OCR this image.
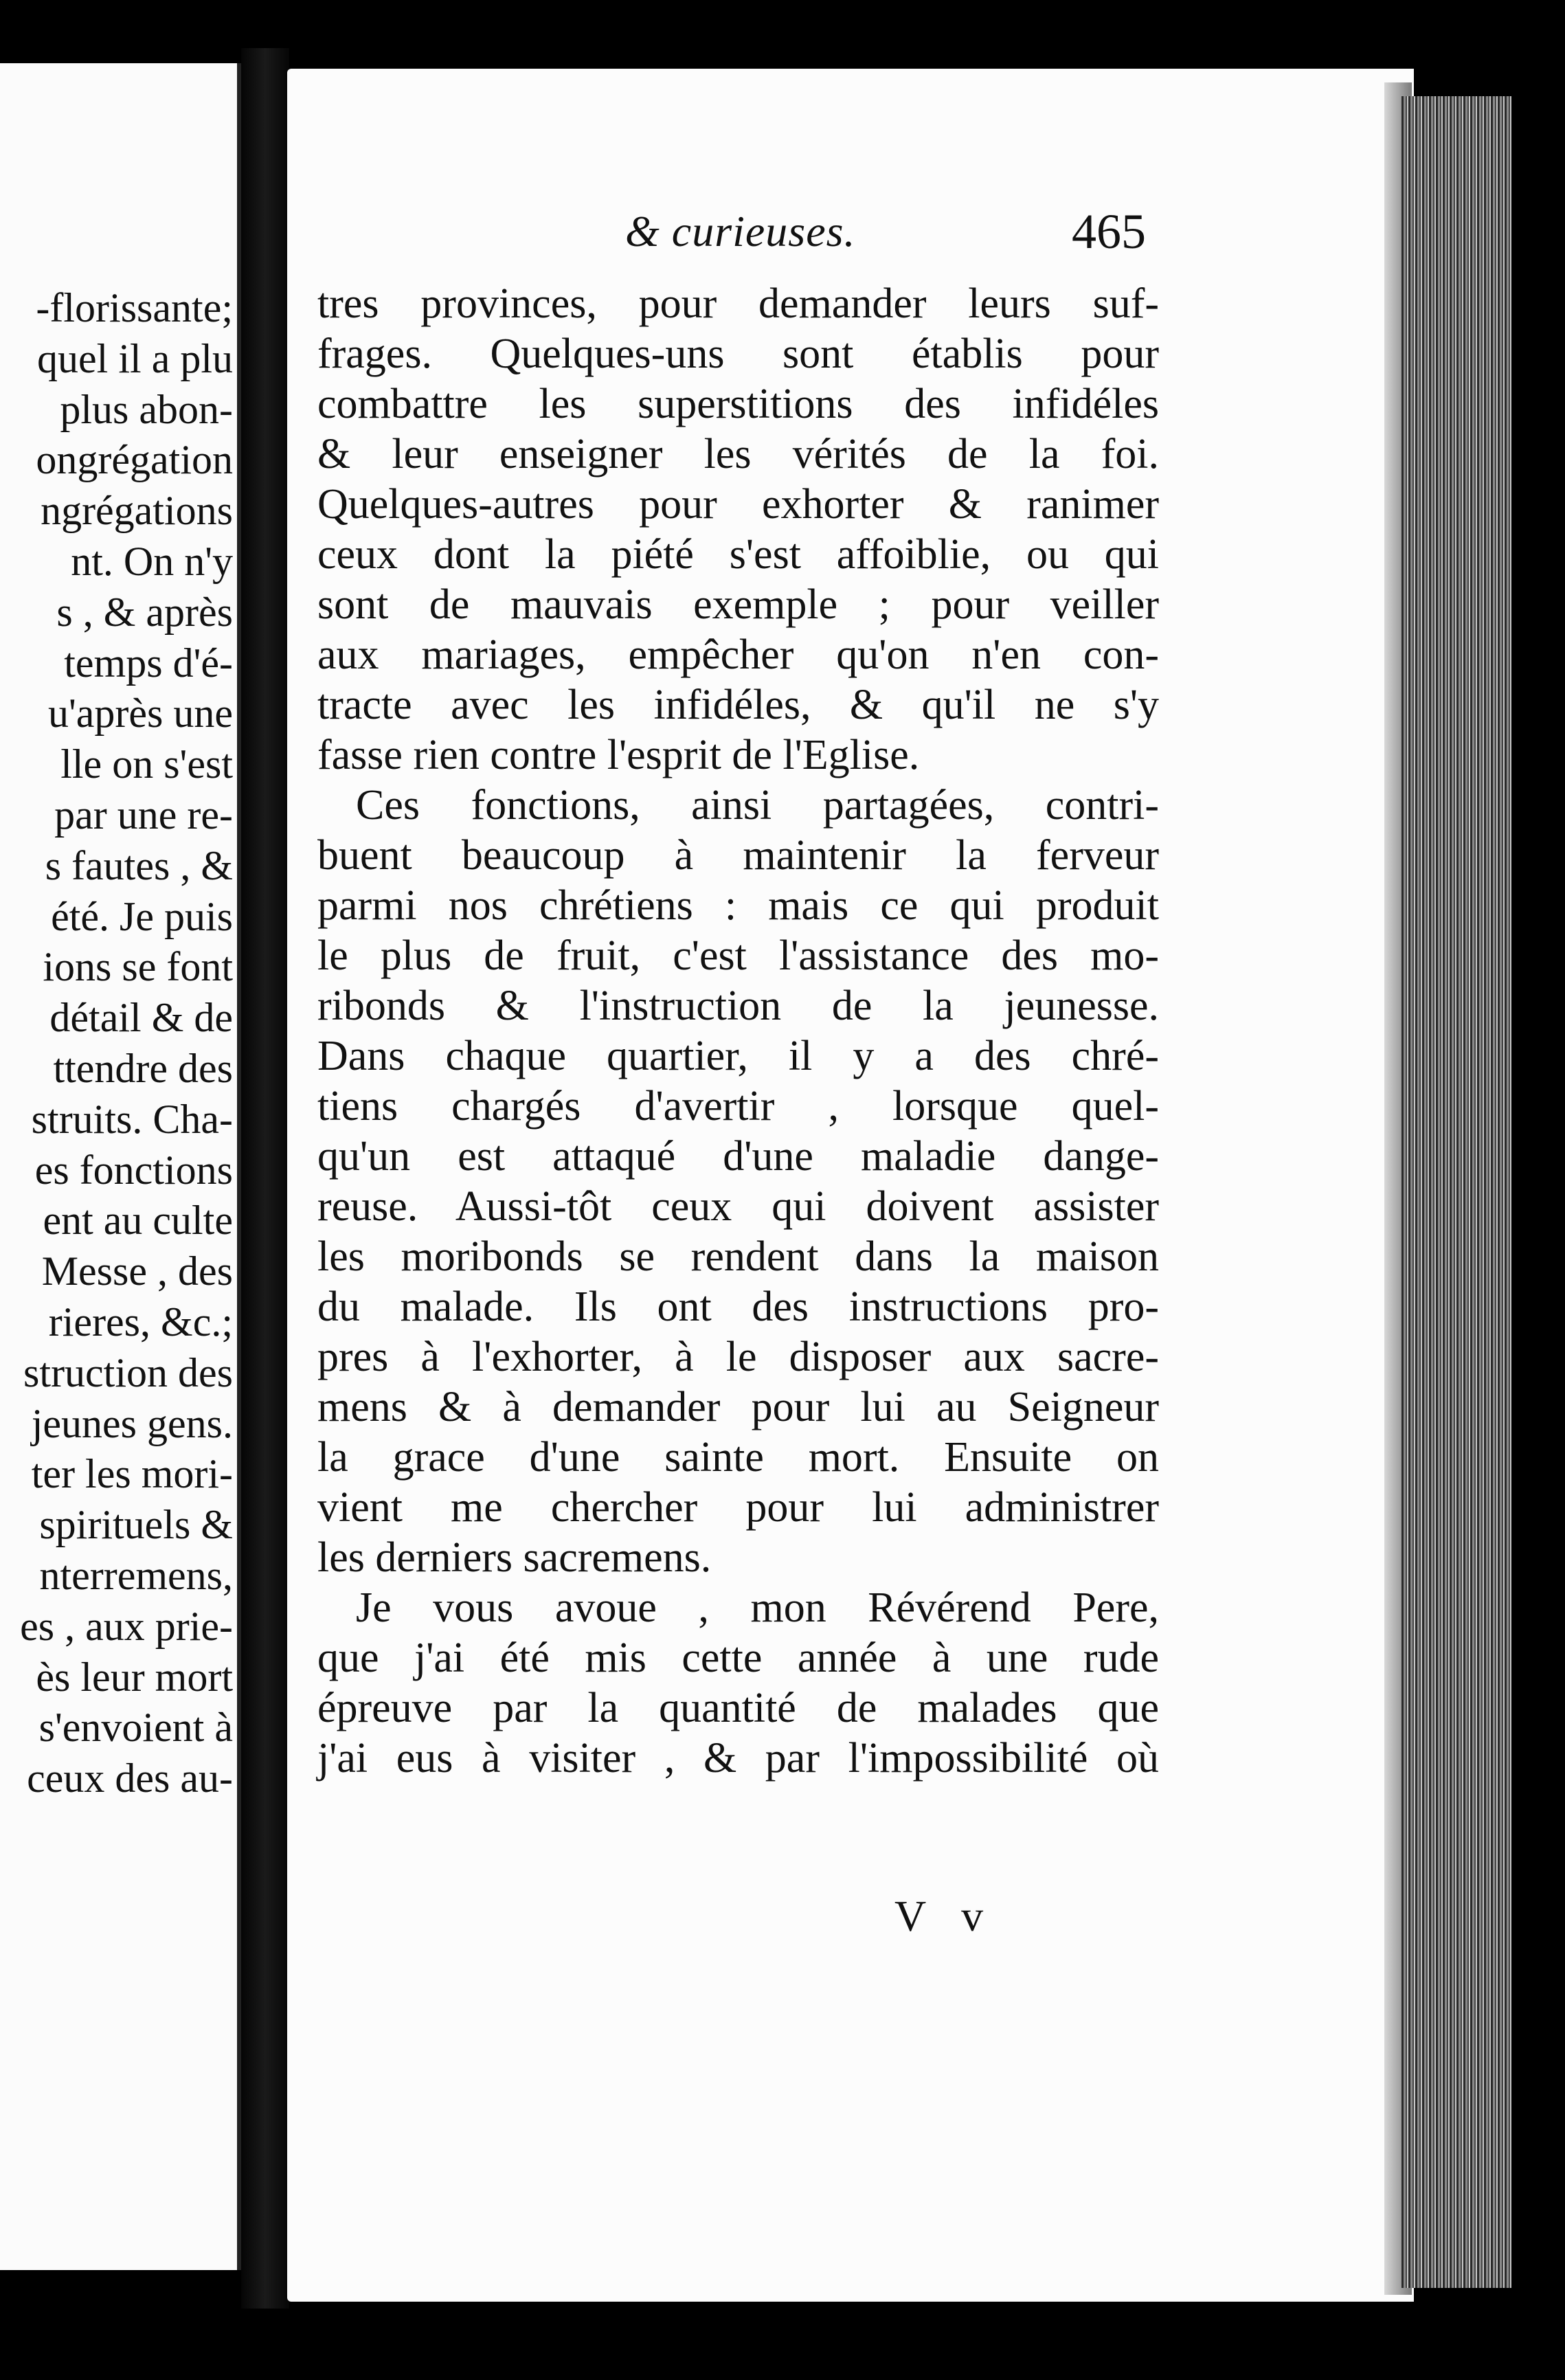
-florissante;
quel il a plu
plus abon-
ongrégation
ngrégations
nt. On n'y
s , & après
temps d'é-
u'après une
lle on s'est
par une re-
s fautes , &
été. Je puis
ions se font
détail & de
ttendre des
struits. Cha-
es fonctions
ent au culte
Messe , des
rieres, &c.;
struction des
jeunes gens.
ter les mori-
spirituels &
nterremens,
es , aux prie-
ès leur mort
s'envoient à
ceux des au-
& curieuses.	465
tres provinces, pour demander leurs suf-
frages. Quelques-uns sont établis pour
combattre les superstitions des infidéles
& leur enseigner les vérités de la foi.
Quelques-autres pour exhorter & ranimer
ceux dont la piété s'est affoiblie, ou qui
sont de mauvais exemple ; pour veiller
aux mariages, empêcher qu'on n'en con-
tracte avec les infidéles, & qu'il ne s'y
fasse rien contre l'esprit de l'Eglise.
Ces fonctions, ainsi partagées, contri-
buent beaucoup à maintenir la ferveur
parmi nos chrétiens : mais ce qui produit
le plus de fruit, c'est l'assistance des mo-
ribonds & l'instruction de la jeunesse.
Dans chaque quartier, il y a des chré-
tiens chargés d'avertir , lorsque quel-
qu'un est attaqué d'une maladie dange-
reuse. Aussi-tôt ceux qui doivent assister
les moribonds se rendent dans la maison
du malade. Ils ont des instructions pro-
pres à l'exhorter, à le disposer aux sacre-
mens & à demander pour lui au Seigneur
la grace d'une sainte mort. Ensuite on
vient me chercher pour lui administrer
les derniers sacremens.
Je vous avoue , mon Révérend Pere,
que j'ai été mis cette année à une rude
épreuve par la quantité de malades que
j'ai eus à visiter , & par l'impossibilité où
V v
